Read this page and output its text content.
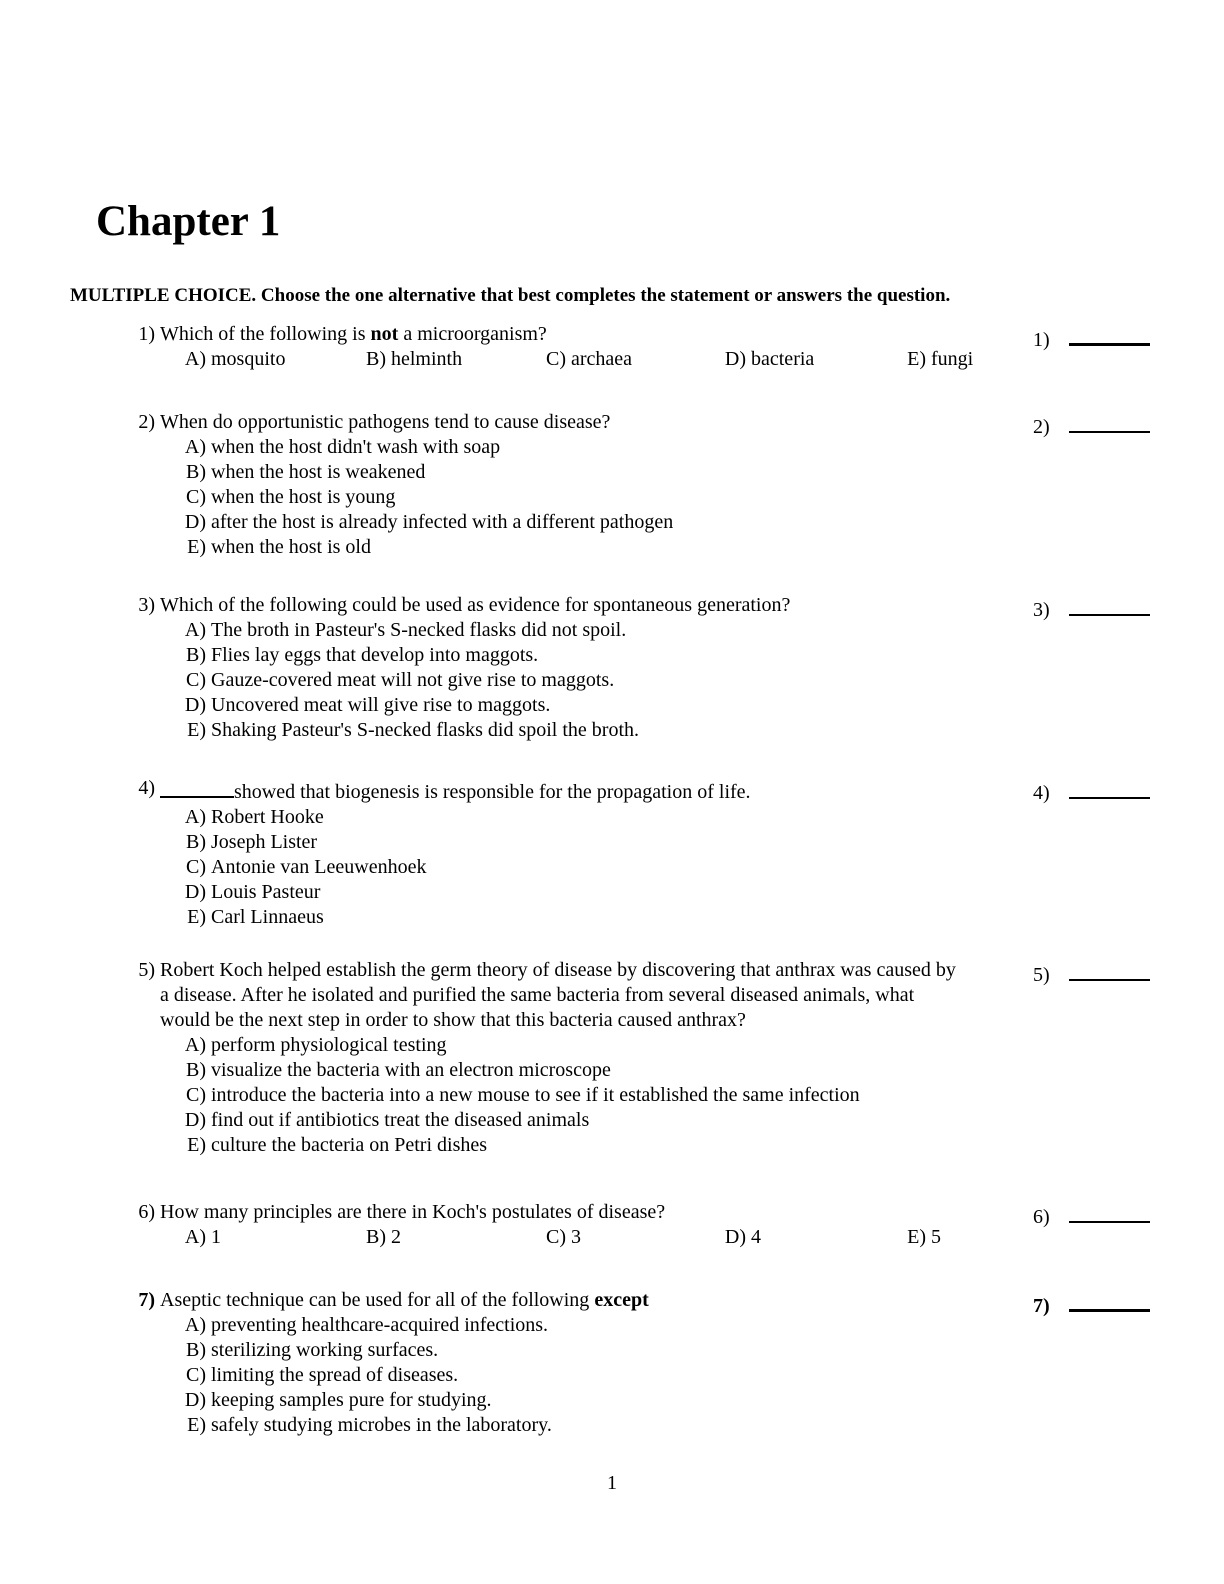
Chapter 1
MULTIPLE CHOICE. Choose the one alternative that best completes the statement or answers the question.
1) Which of the following is not a microorganism?
A) mosquito	B) helminth	C) archaea	D) bacteria	E) fungi
1)
2) When do opportunistic pathogens tend to cause disease?
A) when the host didn't wash with soap
B) when the host is weakened
C) when the host is young
D) after the host is already infected with a different pathogen
E) when the host is old
2)
3) Which of the following could be used as evidence for spontaneous generation?
A) The broth in Pasteur's S-necked flasks did not spoil.
B) Flies lay eggs that develop into maggots.
C) Gauze-covered meat will not give rise to maggots.
D) Uncovered meat will give rise to maggots.
E) Shaking Pasteur's S-necked flasks did spoil the broth.
3)
4)	showed that biogenesis is responsible for the propagation of life.
A) Robert Hooke
B) Joseph Lister
C) Antonie van Leeuwenhoek
D) Louis Pasteur
E) Carl Linnaeus
4)
5) Robert Koch helped establish the germ theory of disease by discovering that anthrax was caused by
a disease. After he isolated and purified the same bacteria from several diseased animals, what
would be the next step in order to show that this bacteria caused anthrax?
A) perform physiological testing
B) visualize the bacteria with an electron microscope
C) introduce the bacteria into a new mouse to see if it established the same infection
D) find out if antibiotics treat the diseased animals
E) culture the bacteria on Petri dishes
5)
6) How many principles are there in Koch's postulates of disease?
A) 1	B) 2	C) 3	D) 4	E) 5
6)
7) Aseptic technique can be used for all of the following except
A) preventing healthcare-acquired infections.
B) sterilizing working surfaces.
C) limiting the spread of diseases.
D) keeping samples pure for studying.
E) safely studying microbes in the laboratory.
7)
1
